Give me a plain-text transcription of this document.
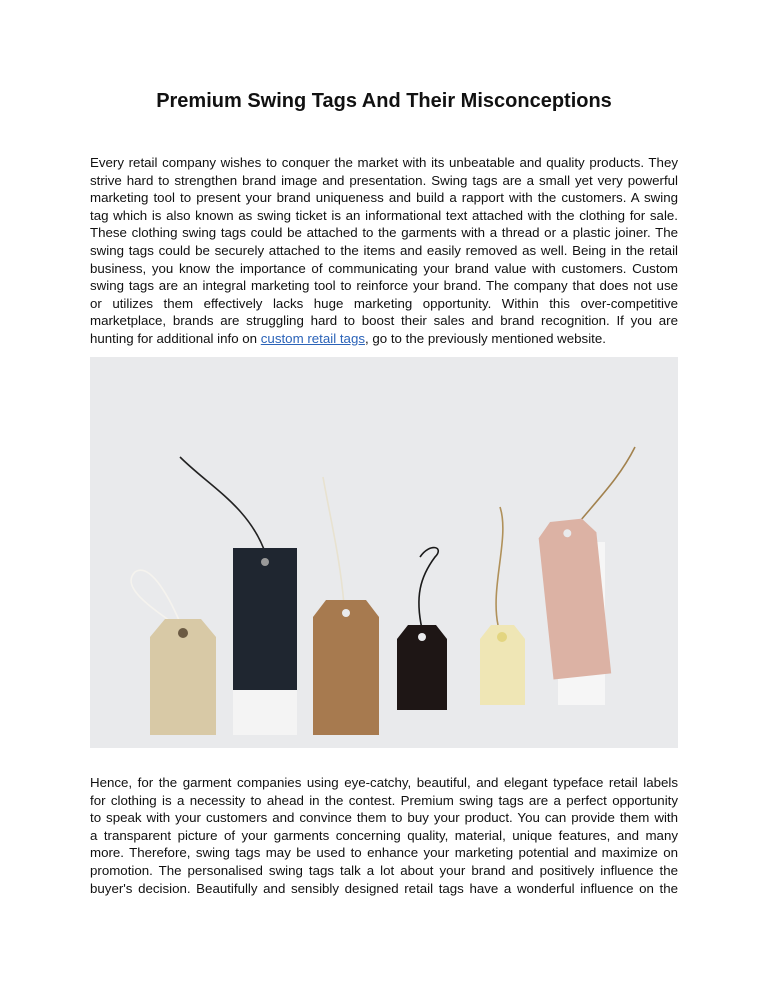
Premium Swing Tags And Their Misconceptions
Every retail company wishes to conquer the market with its unbeatable and quality products. They
strive hard to strengthen brand image and presentation. Swing tags are a small yet very powerful
marketing tool to present your brand uniqueness and build a rapport with the customers. A swing
tag which is also known as swing ticket is an informational text attached with the clothing for sale.
These clothing swing tags could be attached to the garments with a thread or a plastic joiner. The
swing tags could be securely attached to the items and easily removed as well. Being in the retail
business, you know the importance of communicating your brand value with customers. Custom
swing tags are an integral marketing tool to reinforce your brand. The company that does not use
or utilizes them effectively lacks huge marketing opportunity. Within this over-competitive
marketplace, brands are struggling hard to boost their sales and brand recognition. If you are
hunting for additional info on custom retail tags, go to the previously mentioned website.
Hence, for the garment companies using eye-catchy, beautiful, and elegant typeface retail labels
for clothing is a necessity to ahead in the contest. Premium swing tags are a perfect opportunity
to speak with your customers and convince them to buy your product. You can provide them with
a transparent picture of your garments concerning quality, material, unique features, and many
more. Therefore, swing tags may be used to enhance your marketing potential and maximize on
promotion. The personalised swing tags talk a lot about your brand and positively influence the
buyer's decision. Beautifully and sensibly designed retail tags have a wonderful influence on the
